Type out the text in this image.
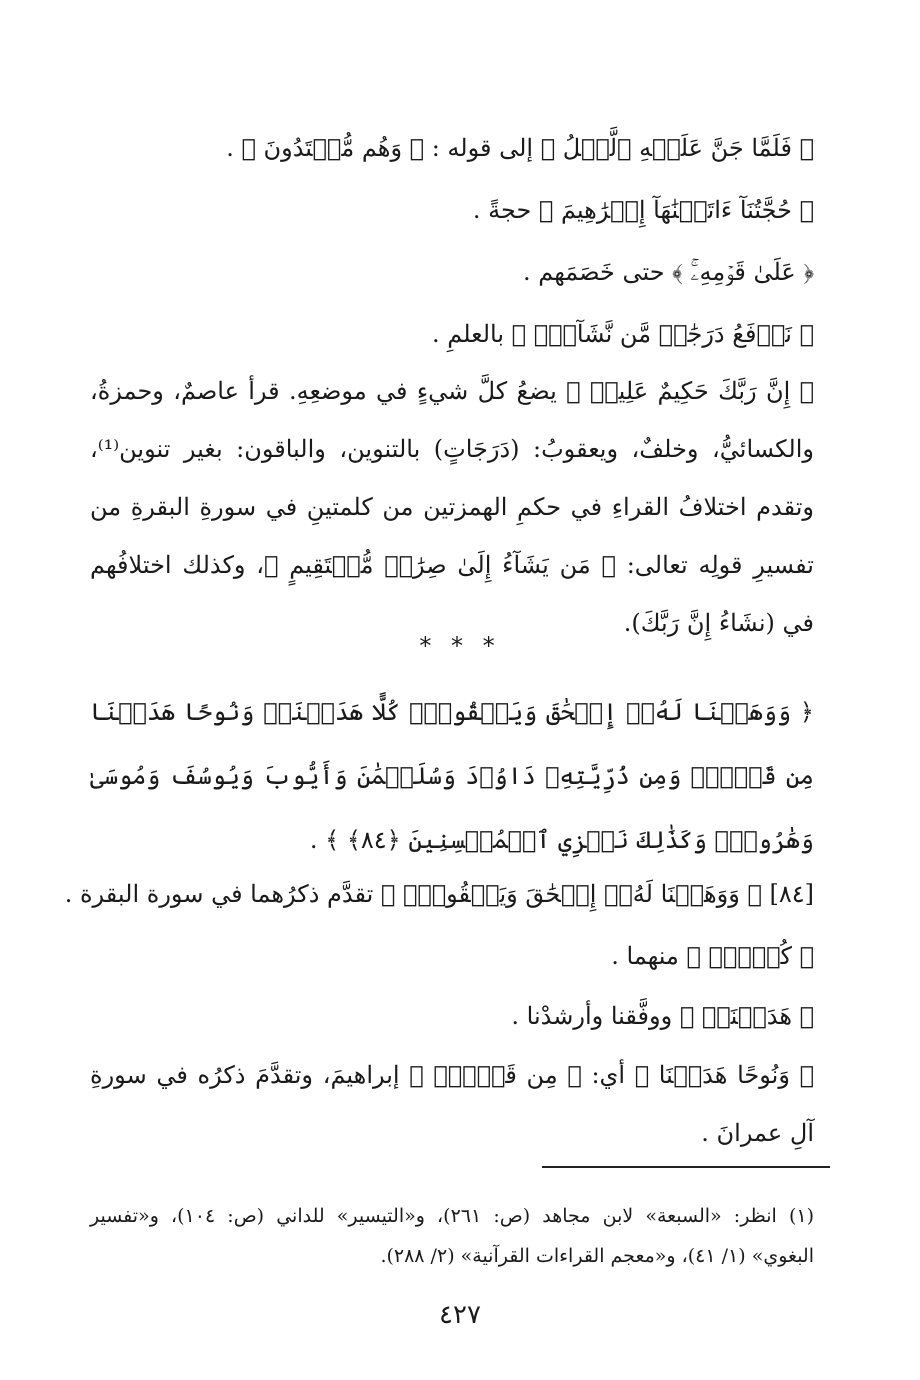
﴿ فَلَمَّا جَنَّ عَلَيۡهِ ٱلَّيۡلُ ﴾ إلى قوله : ﴿ وَهُم مُّهۡتَدُونَ ﴾ .
﴿ حُجَّتُنَآ ءَاتَيۡنَٰهَآ إِبۡرَٰهِيمَ ﴾ حجةً .
﴿ عَلَىٰ قَوۡمِهِۦۚ ﴾ حتى خَصَمَهم .
﴿ نَرۡفَعُ دَرَجَٰتٖ مَّن نَّشَآءُۗ ﴾ بالعلمِ .
﴿ إِنَّ رَبَّكَ حَكِيمٌ عَلِيمٞ ﴾ يضعُ كلَّ شيءٍ في موضعِهِ. قرأ عاصمٌ، وحمزةُ، والكسائيُّ، وخلفٌ، ويعقوبُ: (دَرَجَاتٍ) بالتنوين، والباقون: بغير تنوين⁽¹⁾، وتقدم اختلافُ القراءِ في حكمِ الهمزتين من كلمتينِ في سورةِ البقرةِ من تفسيرِ قولِه تعالى: ﴿ مَن يَشَآءُ إِلَىٰ صِرَٰطٖ مُّسۡتَقِيمٍ ﴾، وكذلك اختلافُهم في (نشَاءُ إِنَّ رَبَّكَ).
* * *
﴿ وَوَهَبۡنَا لَهُۥٓ إِسۡحَٰقَ وَيَعۡقُوبَۚ كُلًّا هَدَيۡنَاۚ وَنُوحًا هَدَيۡنَا مِن قَبۡلُۖ وَمِن ذُرِّيَّتِهِۦ دَاوُۥدَ وَسُلَيۡمَٰنَ وَأَيُّوبَ وَيُوسُفَ وَمُوسَىٰ وَهَٰرُونَۚ وَكَذَٰلِكَ نَجۡزِي ٱلۡمُحۡسِنِينَ ﴿٨٤﴾ ﴾ .
[٨٤] ﴿ وَوَهَبۡنَا لَهُۥٓ إِسۡحَٰقَ وَيَعۡقُوبَۚ ﴾ تقدَّم ذكرُهما في سورة البقرة .
﴿ كُلًّاۚ ﴾ منهما .
﴿ هَدَيۡنَاۚ ﴾ ووفَّقنا وأرشدْنا .
﴿ وَنُوحًا هَدَيۡنَا ﴾ أي: ﴿ مِن قَبۡلُۖ ﴾ إبراهيمَ، وتقدَّمَ ذكرُه في سورةِ آلِ عمرانَ .
(١) انظر: «السبعة» لابن مجاهد (ص: ٢٦١)، و«التيسير» للداني (ص: ١٠٤)، و«تفسير البغوي» (١/ ٤١)، و«معجم القراءات القرآنية» (٢/ ٢٨٨).
٤٢٧
